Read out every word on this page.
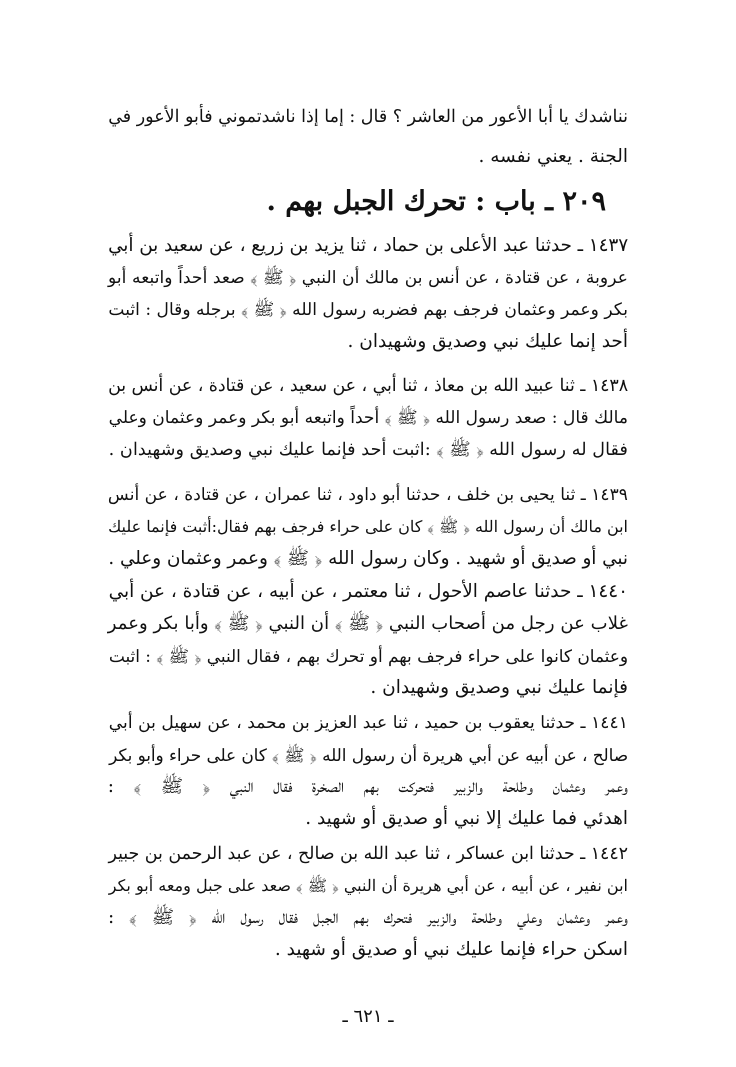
نناشدك يا أبا الأعور من العاشر ؟ قال : إما إذا ناشدتموني فأبو الأعور في
الجنة . يعني نفسه .
٢٠٩ ـ باب : تحرك الجبل بهم .
١٤٣٧ ـ حدثنا عبد الأعلى بن حماد ، ثنا يزيد بن زريع ، عن سعيد بن أبي
عروبة ، عن قتادة ، عن أنس بن مالك أن النبي ﴿ ﷺ ﴾ صعد أحداً واتبعه أبو
بكر وعمر وعثمان فرجف بهم فضربه رسول الله ﴿ ﷺ ﴾ برجله وقال : اثبت
أحد إنما عليك نبي وصديق وشهيدان .
١٤٣٨ ـ ثنا عبيد الله بن معاذ ، ثنا أبي ، عن سعيد ، عن قتادة ، عن أنس بن
مالك قال : صعد رسول الله ﴿ ﷺ ﴾ أحداً واتبعه أبو بكر وعمر وعثمان وعلي
فقال له رسول الله ﴿ ﷺ ﴾ :اثبت أحد فإنما عليك نبي وصديق وشهيدان .
١٤٣٩ ـ ثنا يحيى بن خلف ، حدثنا أبو داود ، ثنا عمران ، عن قتادة ، عن أنس
ابن مالك أن رسول الله ﴿ ﷺ ﴾ كان على حراء فرجف بهم فقال:أثبت فإنما عليك
نبي أو صديق أو شهيد . وكان رسول الله ﴿ ﷺ ﴾ وعمر وعثمان وعلي .
١٤٤٠ ـ حدثنا عاصم الأحول ، ثنا معتمر ، عن أبيه ، عن قتادة ، عن أبي
غلاب عن رجل من أصحاب النبي ﴿ ﷺ ﴾ أن النبي ﴿ ﷺ ﴾ وأبا بكر وعمر
وعثمان كانوا على حراء فرجف بهم أو تحرك بهم ، فقال النبي ﴿ ﷺ ﴾ : اثبت
فإنما عليك نبي وصديق وشهيدان .
١٤٤١ ـ حدثنا يعقوب بن حميد ، ثنا عبد العزيز بن محمد ، عن سهيل بن أبي
صالح ، عن أبيه عن أبي هريرة أن رسول الله ﴿ ﷺ ﴾ كان على حراء وأبو بكر
وعمر وعثمان وطلحة والزبير فتحركت بهم الصخرة فقال النبي ﴿ ﷺ ﴾ :
اهدئي فما عليك إلا نبي أو صديق أو شهيد .
١٤٤٢ ـ حدثنا ابن عساكر ، ثنا عبد الله بن صالح ، عن عبد الرحمن بن جبير
ابن نفير ، عن أبيه ، عن أبي هريرة أن النبي ﴿ ﷺ ﴾ صعد على جبل ومعه أبو بكر
وعمر وعثمان وعلي وطلحة والزبير فتحرك بهم الجبل فقال رسول الله ﴿ ﷺ ﴾ :
اسكن حراء فإنما عليك نبي أو صديق أو شهيد .
ـ ٦٢١ ـ
